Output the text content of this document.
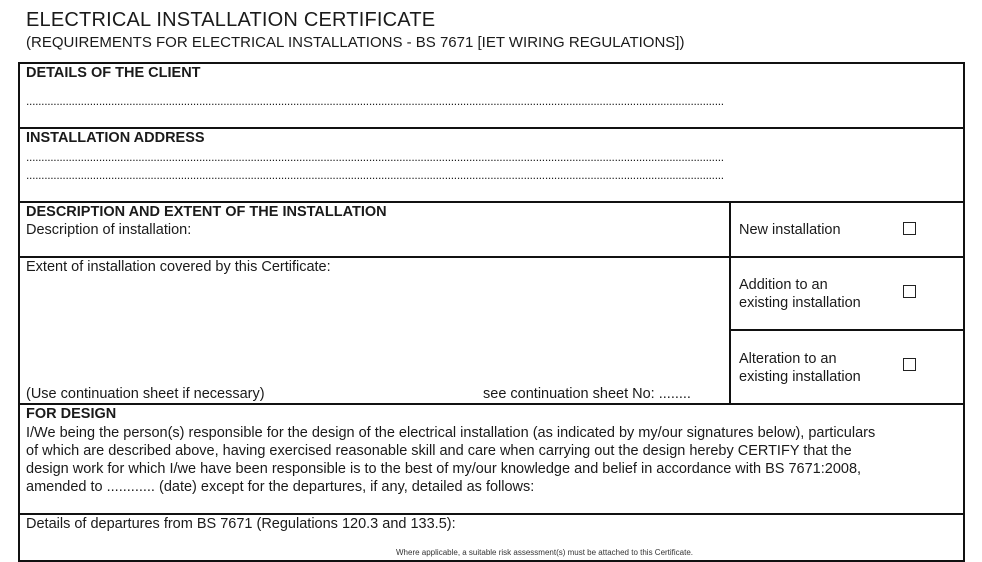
ELECTRICAL INSTALLATION CERTIFICATE
(REQUIREMENTS FOR ELECTRICAL INSTALLATIONS - BS 7671 [IET WIRING REGULATIONS])
DETAILS OF THE CLIENT
......................................................................................................................................................................................................................................
INSTALLATION ADDRESS
......................................................................................................................................................................................................................................
......................................................................................................................................................................................................................................
DESCRIPTION AND EXTENT OF THE INSTALLATION
Description of installation:
Extent of installation covered by this Certificate:
(Use continuation sheet if necessary)	see continuation sheet No: ........
New installation
Addition to an
existing installation
Alteration to an
existing installation
FOR DESIGN
I/We being the person(s) responsible for the design of the electrical installation (as indicated by my/our signatures below), particulars
of which are described above, having exercised reasonable skill and care when carrying out the design hereby CERTIFY that the
design work for which I/we have been responsible is to the best of my/our knowledge and belief in accordance with BS 7671:2008,
amended to ............ (date) except for the departures, if any, detailed as follows:
Details of departures from BS 7671 (Regulations 120.3 and 133.5):
Where applicable, a suitable risk assessment(s) must be attached to this Certificate.
